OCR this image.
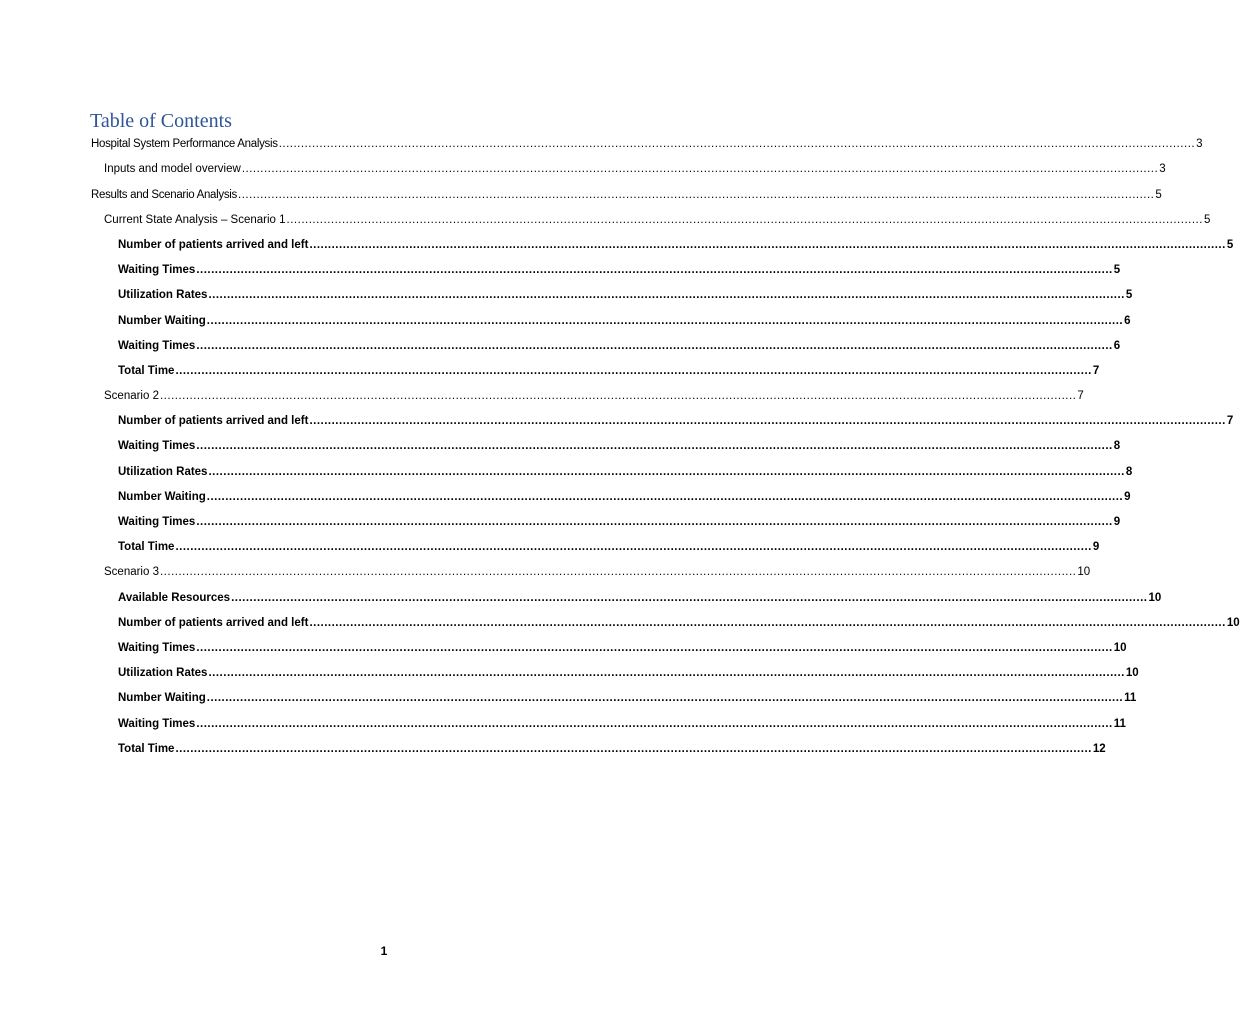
Table of Contents
Hospital System Performance Analysis ........................................................................................................................................................................................................................................................ 3
Inputs and model overview ........................................................................................................................................................................................................................................................ 3
Results and Scenario Analysis ........................................................................................................................................................................................................................................................ 5
Current State Analysis – Scenario 1 ........................................................................................................................................................................................................................................................ 5
Number of patients arrived and left ........................................................................................................................................................................................................................................................ 5
Waiting Times ........................................................................................................................................................................................................................................................ 5
Utilization Rates ........................................................................................................................................................................................................................................................ 5
Number Waiting ........................................................................................................................................................................................................................................................ 6
Waiting Times ........................................................................................................................................................................................................................................................ 6
Total Time ........................................................................................................................................................................................................................................................ 7
Scenario 2 ........................................................................................................................................................................................................................................................ 7
Number of patients arrived and left ........................................................................................................................................................................................................................................................ 7
Waiting Times ........................................................................................................................................................................................................................................................ 8
Utilization Rates ........................................................................................................................................................................................................................................................ 8
Number Waiting ........................................................................................................................................................................................................................................................ 9
Waiting Times ........................................................................................................................................................................................................................................................ 9
Total Time ........................................................................................................................................................................................................................................................ 9
Scenario 3 ........................................................................................................................................................................................................................................................ 10
Available Resources ........................................................................................................................................................................................................................................................ 10
Number of patients arrived and left ........................................................................................................................................................................................................................................................ 10
Waiting Times ........................................................................................................................................................................................................................................................ 10
Utilization Rates ........................................................................................................................................................................................................................................................ 10
Number Waiting ........................................................................................................................................................................................................................................................ 11
Waiting Times ........................................................................................................................................................................................................................................................ 11
Total Time ........................................................................................................................................................................................................................................................ 12
1
